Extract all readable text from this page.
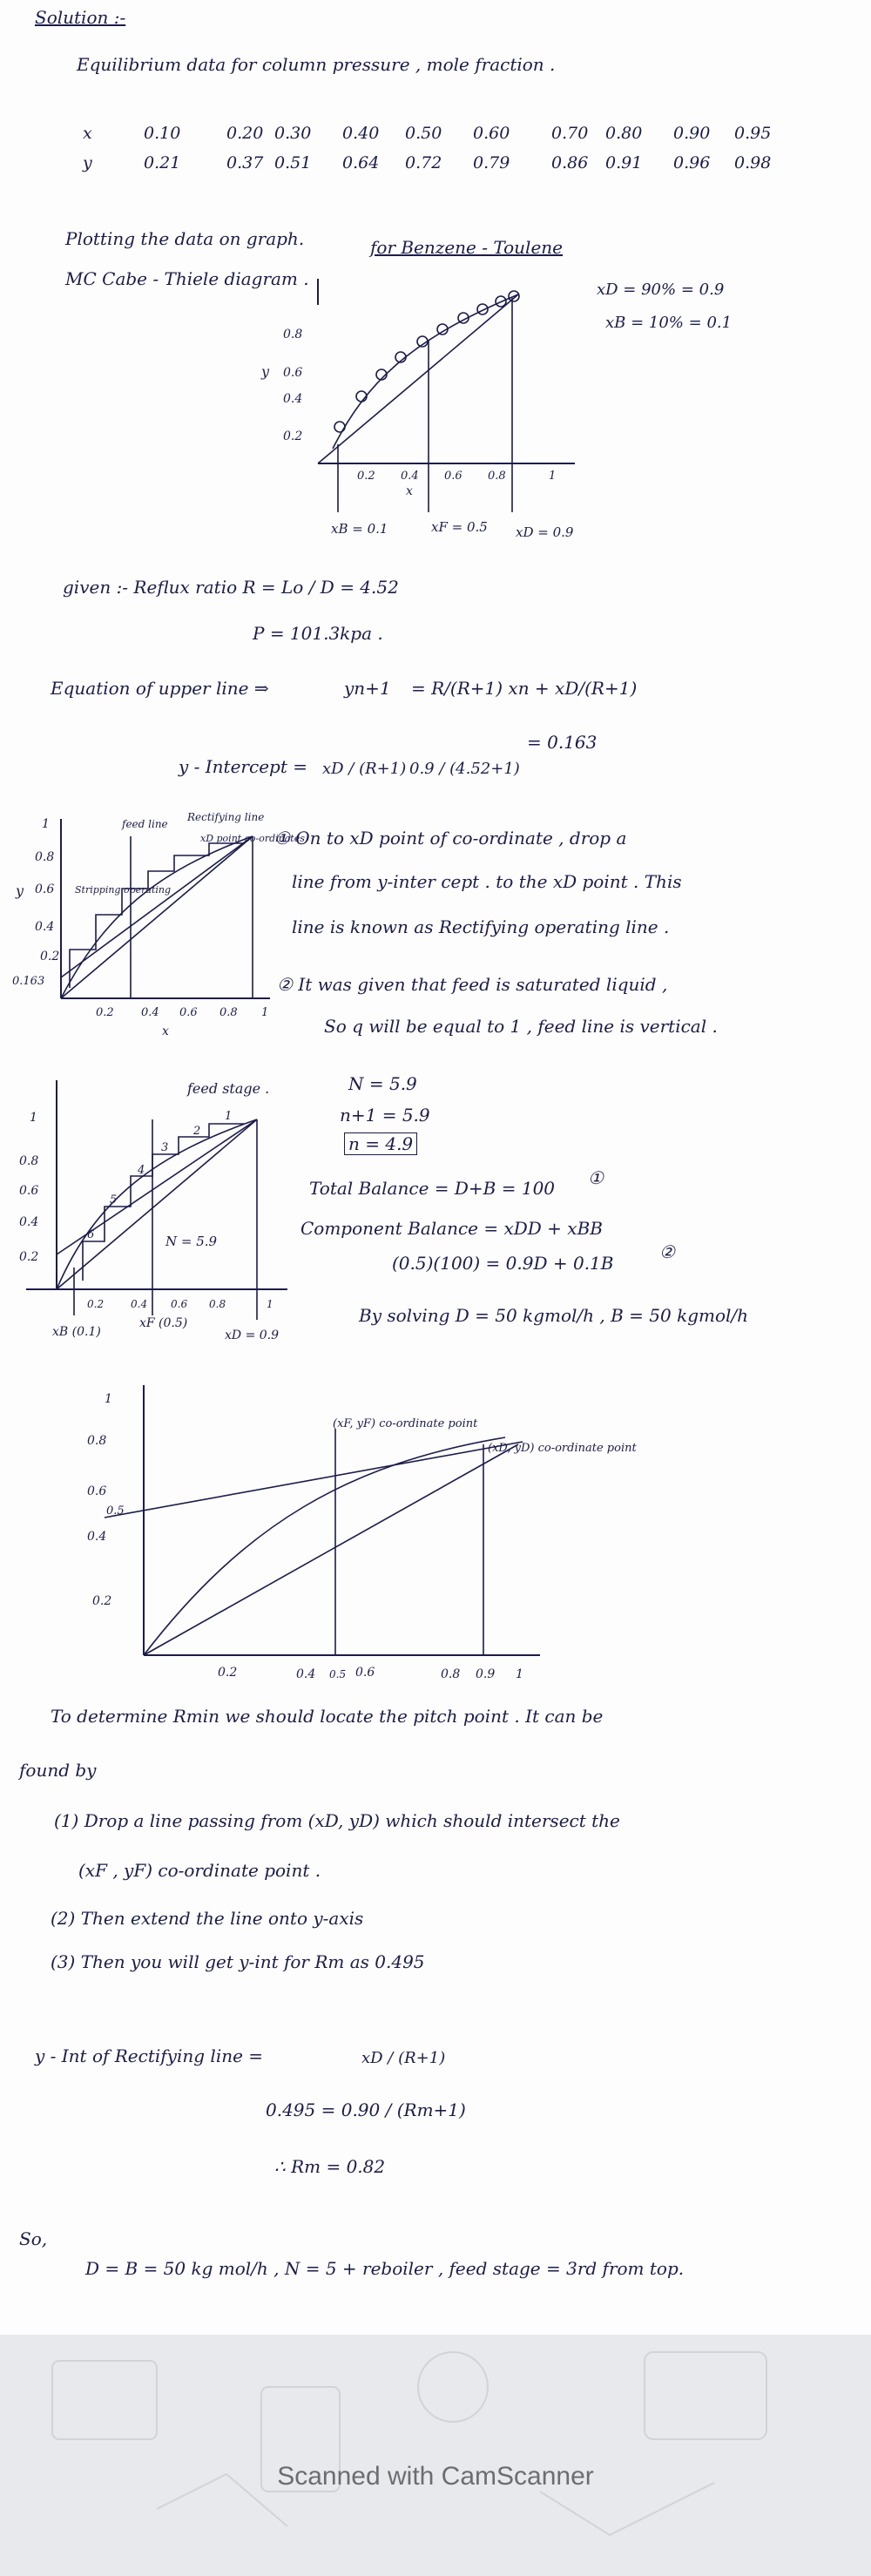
Solution :-
Equilibrium data for column pressure , mole fraction .
x	0.10	0.20	0.30	0.40	0.50	0.60	0.70	0.80	0.90	0.95
y	0.21	0.37	0.51	0.64	0.72	0.79	0.86	0.91	0.96	0.98
Plotting the data on graph.
MC Cabe - Thiele diagram .
for Benzene - Toulene
xD = 90% = 0.9
xB = 10% = 0.1
0.8
0.6
0.4
0.2
y
0.2 0.4 0.6 0.8	1
x
xB = 0.1	xF = 0.5 xD = 0.9
given :- Reflux ratio R = Lo / D = 4.52
P = 101.3kpa .
Equation of upper line ⇒	yn+1 = R/(R+1) xn + xD/(R+1)
y - Intercept = xD / (R+1) 0.9 / (4.52+1)
= 0.163
1
0.8
0.6
0.4
0.2
0.163
y
0.2 0.4 0.6 0.8 1
x
feed line
Rectifying line
Stripping operating
xD point co-ordinates
① On to xD point of co-ordinate , drop a
line from y-inter cept . to the xD point . This
line is known as Rectifying operating line .
② It was given that feed is saturated liquid ,
So q will be equal to 1 , feed line is vertical .
feed stage .
1
0.8
0.6
0.4
0.2
0.2	0.4 0.6 0.8	1
1
2
3
4
5
6	N = 5.9
xB (0.1)
xF (0.5)
xD = 0.9
N = 5.9
n+1 = 5.9
n = 4.9
Total Balance = D+B = 100 ①
Component Balance = xDD + xBB
(0.5)(100) = 0.9D + 0.1B
②
By solving D = 50 kgmol/h , B = 50 kgmol/h
1
0.8
0.6
0.5
0.4
0.2
0.2	0.4 0.5 0.6	0.8 0.9 1
(xF, yF) co-ordinate point
(xD, yD) co-ordinate point
To determine Rmin we should locate the pitch point . It can be
found by
(1) Drop a line passing from (xD, yD) which should intersect the
(xF , yF) co-ordinate point .
(2) Then extend the line onto y-axis
(3) Then you will get y-int for Rm as 0.495
y - Int of Rectifying line =	xD / (R+1)
0.495 = 0.90 / (Rm+1)
∴ Rm = 0.82
So,
D = B = 50 kg mol/h , N = 5 + reboiler , feed stage = 3rd from top.
Scanned with CamScanner
